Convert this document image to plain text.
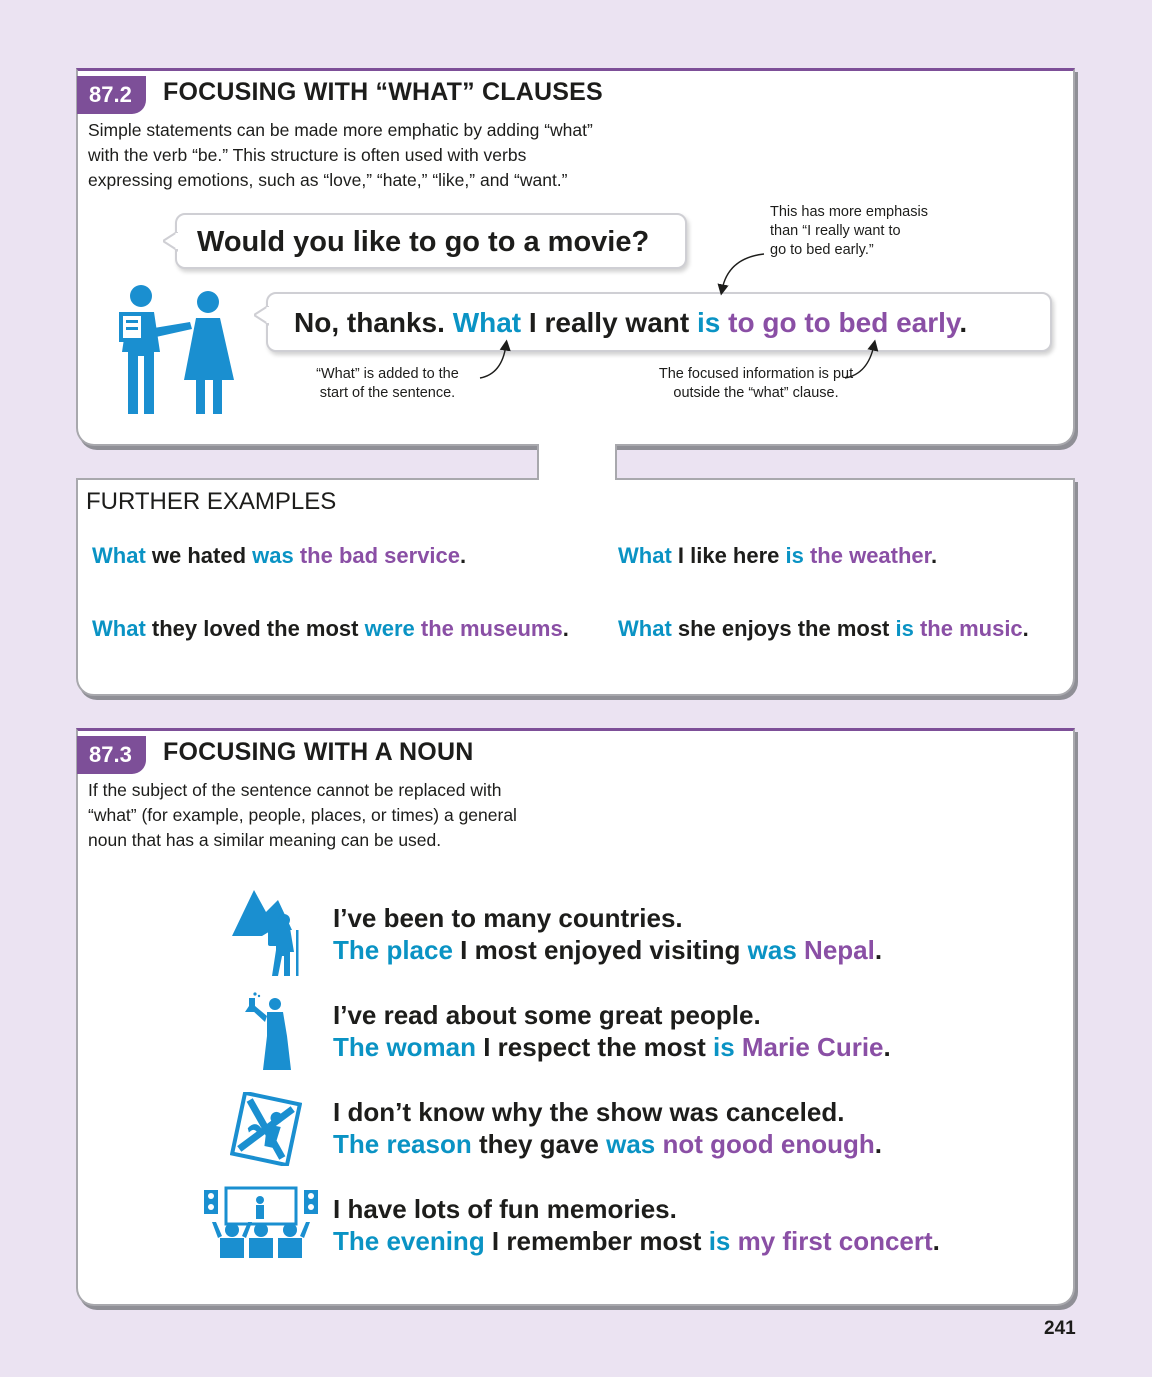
87.2	FOCUSING WITH “WHAT” CLAUSES
Simple statements can be made more emphatic by adding “what”
with the verb “be.” This structure is often used with verbs
expressing emotions, such as “love,” “hate,” “like,” and “want.”
Would you like to go to a movie?
No, thanks. What I really want is to go to bed early.
This has more emphasis
than “I really want to
go to bed early.”
“What” is added to the
start of the sentence.
The focused information is put
outside the “what” clause.
FURTHER EXAMPLES
What we hated was the bad service.	What I like here is the weather.
What they loved the most were the museums. What she enjoys the most is the music.
87.3	FOCUSING WITH A NOUN
If the subject of the sentence cannot be replaced with
“what” (for example, people, places, or times) a general
noun that has a similar meaning can be used.
I’ve been to many countries.
The place I most enjoyed visiting was Nepal.
I’ve read about some great people.
The woman I respect the most is Marie Curie.
I don’t know why the show was canceled.
The reason they gave was not good enough.
I have lots of fun memories.
The evening I remember most is my first concert.
241
